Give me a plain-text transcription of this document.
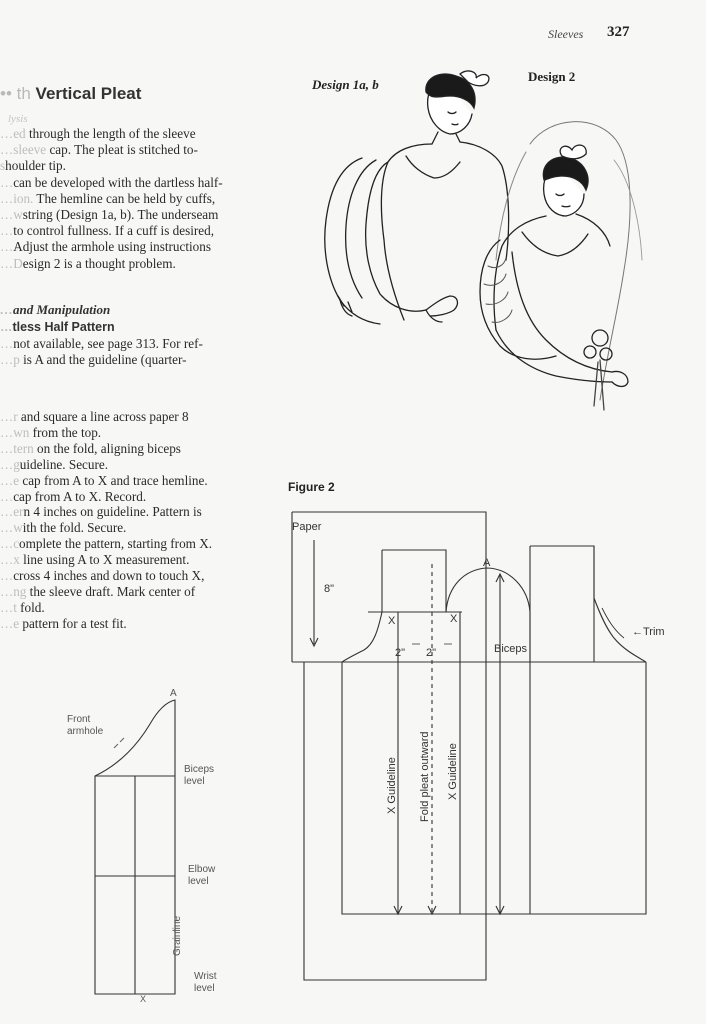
Sleeves 327
•• th Vertical Pleat
lysis
…ed through the length of the sleeve
…sleeve cap. The pleat is stitched to-
shoulder tip.
…can be developed with the dartless half-
…ion. The hemline can be held by cuffs,
…wstring (Design 1a, b). The underseam
…to control fullness. If a cuff is desired,
…Adjust the armhole using instructions
…Design 2 is a thought problem.
…and Manipulation
…tless Half Pattern
…not available, see page 313. For ref-
…p is A and the guideline (quarter-
…r and square a line across paper 8
…wn from the top.
…tern on the fold, aligning biceps
…guideline. Secure.
…e cap from A to X and trace hemline.
…cap from A to X. Record.
…ern 4 inches on guideline. Pattern is
…with the fold. Secure.
…complete the pattern, starting from X.
…x line using A to X measurement.
…cross 4 inches and down to touch X,
…ng the sleeve draft. Mark center of
…t fold.
…e pattern for a test fit.
Design 1a, b
Design 2
Figure 2
Front
armhole
A
Biceps
level
Elbow
level
Grainline
Wrist
level
X
Paper
8"
A
X	X
2" 2"	Biceps
←Trim
X Guideline Fold pleat outward X Guideline
